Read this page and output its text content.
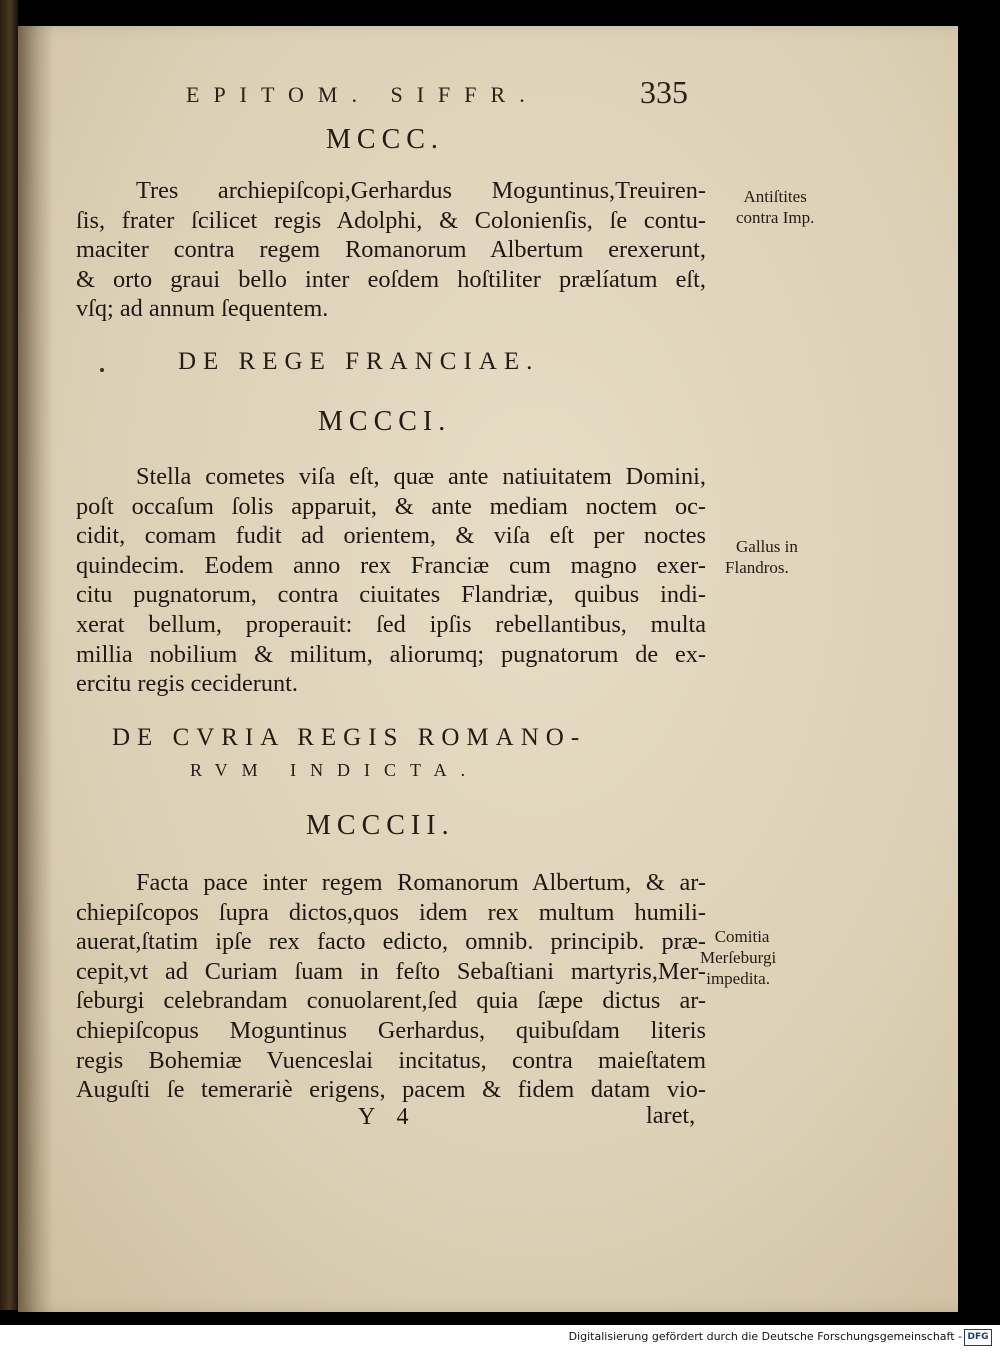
EPITOM. SIFFR.	335
MCCC.
Tres archiepiſcopi,Gerhardus Moguntinus,Treuiren-
ſis, frater ſcilicet regis Adolphi, & Colonienſis, ſe contu-
maciter contra regem Romanorum Albertum erexerunt,
& orto graui bello inter eoſdem hoſtiliter prælíatum eſt,
vſq; ad annum ſequentem.
Antiſtites
contra Imp.
DE REGE FRANCIAE.
MCCCI.
Stella cometes viſa eſt, quæ ante natiuitatem Domini,
poſt occaſum ſolis apparuit, & ante mediam noctem oc-
cidit, comam fudit ad orientem, & viſa eſt per noctes
quindecim. Eodem anno rex Franciæ cum magno exer-
citu pugnatorum, contra ciuitates Flandriæ, quibus indi-
xerat bellum, properauit: ſed ipſis rebellantibus, multa
millia nobilium & militum, aliorumq; pugnatorum de ex-
ercitu regis ceciderunt.
Gallus in
Flandros.
DE CVRIA REGIS ROMANO-
RVM INDICTA.
MCCCII.
Facta pace inter regem Romanorum Albertum, & ar-
chiepiſcopos ſupra dictos,quos idem rex multum humili-
auerat,ſtatim ipſe rex facto edicto, omnib. principib. præ-
cepit,vt ad Curiam ſuam in feſto Sebaſtiani martyris,Mer-
ſeburgi celebrandam conuolarent,ſed quia ſæpe dictus ar-
chiepiſcopus Moguntinus Gerhardus, quibuſdam literis
regis Bohemiæ Vuenceslai incitatus, contra maieſtatem
Auguſti ſe temerariè erigens, pacem & fidem datam vio-
Comitia
Merſeburgi
impedita.
Y 4	laret,
Digitalisierung gefördert durch die Deutsche Forschungsgemeinschaft - DFG
